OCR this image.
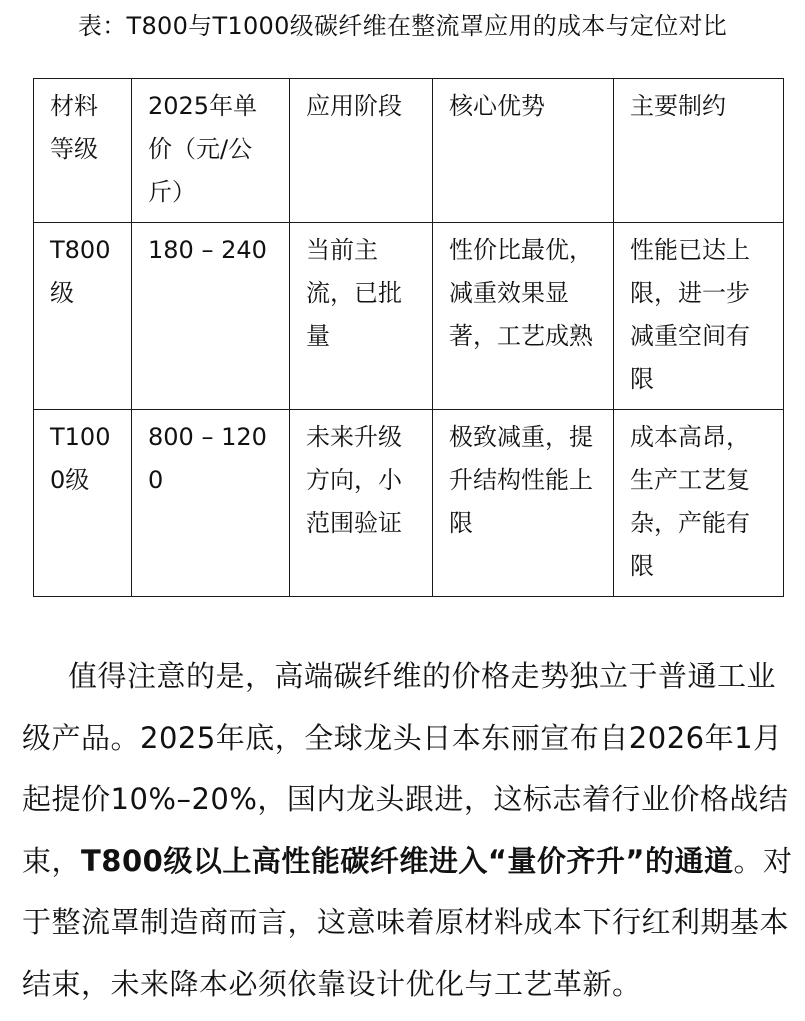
表：T800与T1000级碳纤维在整流罩应用的成本与定位对比
材料等级	2025年单价（元/公斤）	应用阶段	核心优势	主要制约
T800级	180 – 240	当前主流，已批量	性价比最优，减重效果显著，工艺成熟	性能已达上限，进一步减重空间有限
T1000级	800 – 1200	未来升级方向，小范围验证	极致减重，提升结构性能上限	成本高昂，生产工艺复杂，产能有限

值得注意的是，高端碳纤维的价格走势独立于普通工业级产品。2025年底，全球龙头日本东丽宣布自2026年1月起提价10%–20%，国内龙头跟进，这标志着行业价格战结束，T800级以上高性能碳纤维进入“量价齐升”的通道。对于整流罩制造商而言，这意味着原材料成本下行红利期基本结束，未来降本必须依靠设计优化与工艺革新。
